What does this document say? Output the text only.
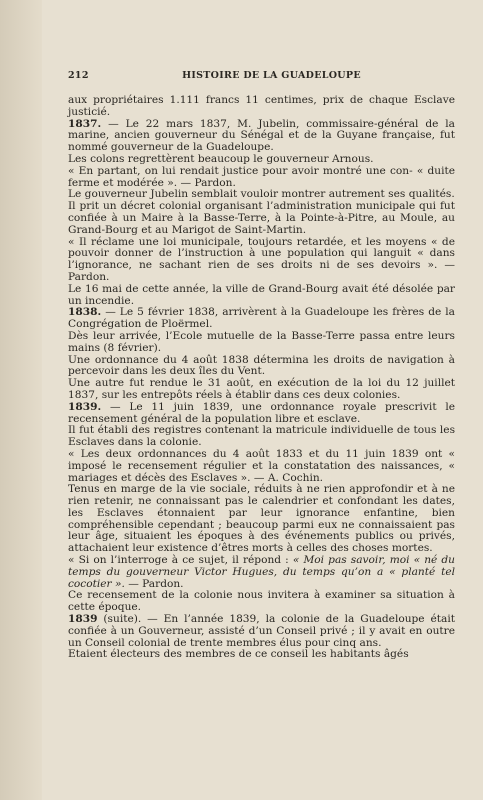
212	HISTOIRE DE LA GUADELOUPE

aux propriétaires 1.111 francs 11 centimes, prix de chaque Esclave justicié.

1837. — Le 22 mars 1837, M. Jubelin, commissaire-général de la marine, ancien gouverneur du Sénégal et de la Guyane française, fut nommé gouverneur de la Guadeloupe.

Les colons regrettèrent beaucoup le gouverneur Arnous.

« En partant, on lui rendait justice pour avoir montré une con- « duite ferme et modérée ». — Pardon.

Le gouverneur Jubelin semblait vouloir montrer autrement ses qualités.

Il prit un décret colonial organisant l’administration municipale qui fut confiée à un Maire à la Basse-Terre, à la Pointe-à-Pitre, au Moule, au Grand-Bourg et au Marigot de Saint-Martin.

« Il réclame une loi municipale, toujours retardée, et les moyens « de pouvoir donner de l’instruction à une population qui languit « dans l’ignorance, ne sachant rien de ses droits ni de ses devoirs ». — Pardon.

Le 16 mai de cette année, la ville de Grand-Bourg avait été désolée par un incendie.

1838. — Le 5 février 1838, arrivèrent à la Guadeloupe les frères de la Congrégation de Ploërmel.

Dès leur arrivée, l’Ecole mutuelle de la Basse-Terre passa entre leurs mains (8 février).

Une ordonnance du 4 août 1838 détermina les droits de navigation à percevoir dans les deux îles du Vent.

Une autre fut rendue le 31 août, en exécution de la loi du 12 juillet 1837, sur les entrepôts réels à établir dans ces deux colonies.

1839. — Le 11 juin 1839, une ordonnance royale prescrivit le recensement général de la population libre et esclave.

Il fut établi des registres contenant la matricule individuelle de tous les Esclaves dans la colonie.

« Les deux ordonnances du 4 août 1833 et du 11 juin 1839 ont « imposé le recensement régulier et la constatation des naissances, « mariages et décès des Esclaves ». — A. Cochin.

Tenus en marge de la vie sociale, réduits à ne rien approfondir et à ne rien retenir, ne connaissant pas le calendrier et confondant les dates, les Esclaves étonnaient par leur ignorance enfantine, bien compréhensible cependant ; beaucoup parmi eux ne connaissaient pas leur âge, situaient les époques à des événements publics ou privés, attachaient leur existence d’êtres morts à celles des choses mortes.

« Si on l’interroge à ce sujet, il répond : « Moi pas savoir, moi « né du temps du gouverneur Victor Hugues, du temps qu’on a « planté tel cocotier ». — Pardon.

Ce recensement de la colonie nous invitera à examiner sa situation à cette époque.

1839 (suite). — En l’année 1839, la colonie de la Guadeloupe était confiée à un Gouverneur, assisté d’un Conseil privé ; il y avait en outre un Conseil colonial de trente membres élus pour cinq ans.

Etaient électeurs des membres de ce conseil les habitants âgés
